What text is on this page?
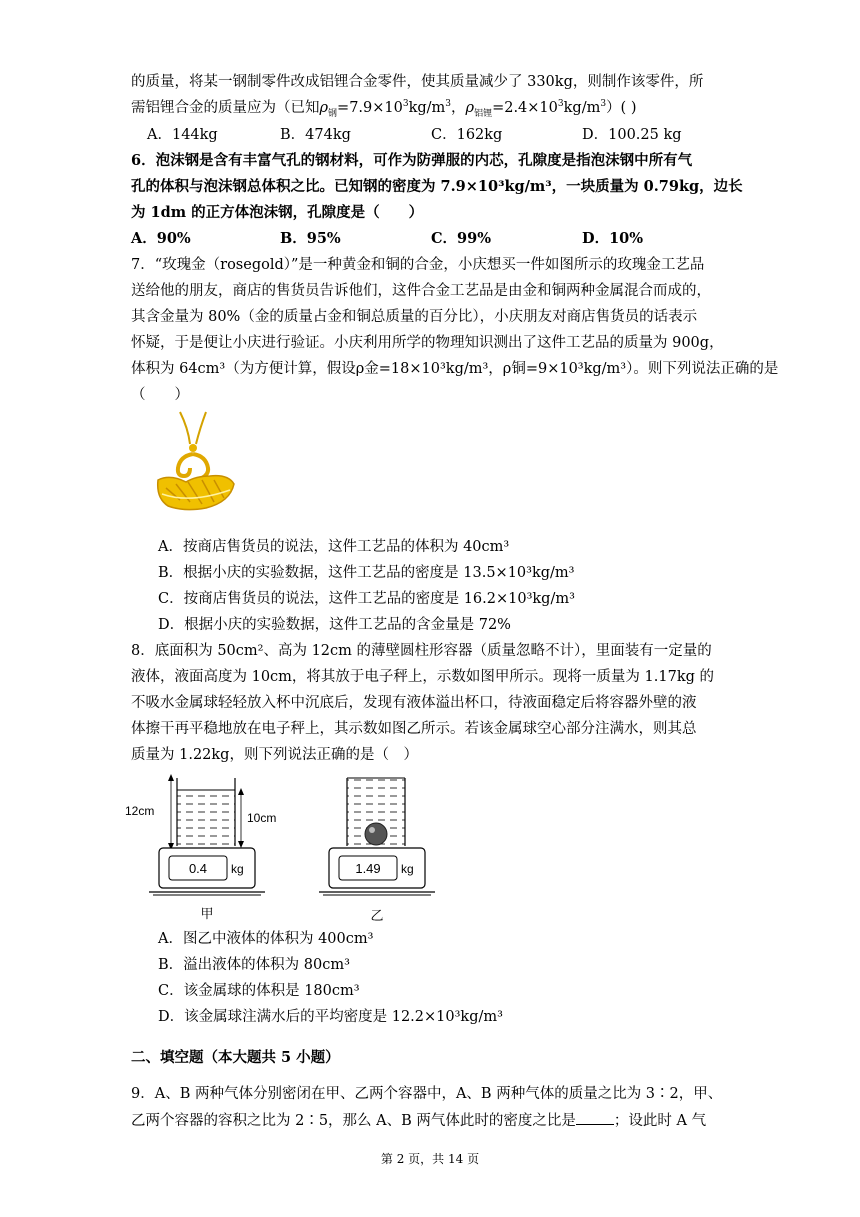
的质量，将某一钢制零件改成铝锂合金零件，使其质量减少了 330kg，则制作该零件，所
需铝锂合金的质量应为（已知$\rho_钢=7.9\times 10^3kg/m^3$，$\rho_{铝锂}=2.4\times 10^3kg/m^3$）( )
A．144kg	B．474kg	C．162kg	D．100.25 kg
6．泡沫钢是含有丰富气孔的钢材料，可作为防弹服的内芯，孔隙度是指泡沫钢中所有气
孔的体积与泡沫钢总体积之比。已知钢的密度为 7.9×10³kg/m³，一块质量为 0.79kg，边长
为 1dm 的正方体泡沫钢，孔隙度是（　　）
A．90%	B．95%	C．99%	D．10%
7．“玫瑰金（rosegold）”是一种黄金和铜的合金，小庆想买一件如图所示的玫瑰金工艺品
送给他的朋友，商店的售货员告诉他们，这件合金工艺品是由金和铜两种金属混合而成的，
其含金量为 80%（金的质量占金和铜总质量的百分比），小庆朋友对商店售货员的话表示
怀疑，于是便让小庆进行验证。小庆利用所学的物理知识测出了这件工艺品的质量为 900g，
体积为 64cm³（为方便计算，假设ρ金=18×10³kg/m³，ρ铜=9×10³kg/m³）。则下列说法正确的是
（　　）
A．按商店售货员的说法，这件工艺品的体积为 40cm³
B．根据小庆的实验数据，这件工艺品的密度是 13.5×10³kg/m³
C．按商店售货员的说法，这件工艺品的密度是 16.2×10³kg/m³
D．根据小庆的实验数据，这件工艺品的含金量是 72%
8．底面积为 50cm²、高为 12cm 的薄壁圆柱形容器（质量忽略不计），里面装有一定量的
液体，液面高度为 10cm，将其放于电子秤上，示数如图甲所示。现将一质量为 1.17kg 的
不吸水金属球轻轻放入杯中沉底后，发现有液体溢出杯口，待液面稳定后将容器外壁的液
体擦干再平稳地放在电子秤上，其示数如图乙所示。若该金属球空心部分注满水，则其总
质量为 1.22kg，则下列说法正确的是（　）
12cm	10cm
0.4 kg
甲
1.49 kg
乙
A．图乙中液体的体积为 400cm³
B．溢出液体的体积为 80cm³
C．该金属球的体积是 180cm³
D．该金属球注满水后的平均密度是 12.2×10³kg/m³
二、填空题（本大题共 5 小题）
9．A、B 两种气体分别密闭在甲、乙两个容器中，A、B 两种气体的质量之比为 3∶2，甲、
乙两个容器的容积之比为 2∶5，那么 A、B 两气体此时的密度之比是	；设此时 A 气
第 2 页，共 14 页
